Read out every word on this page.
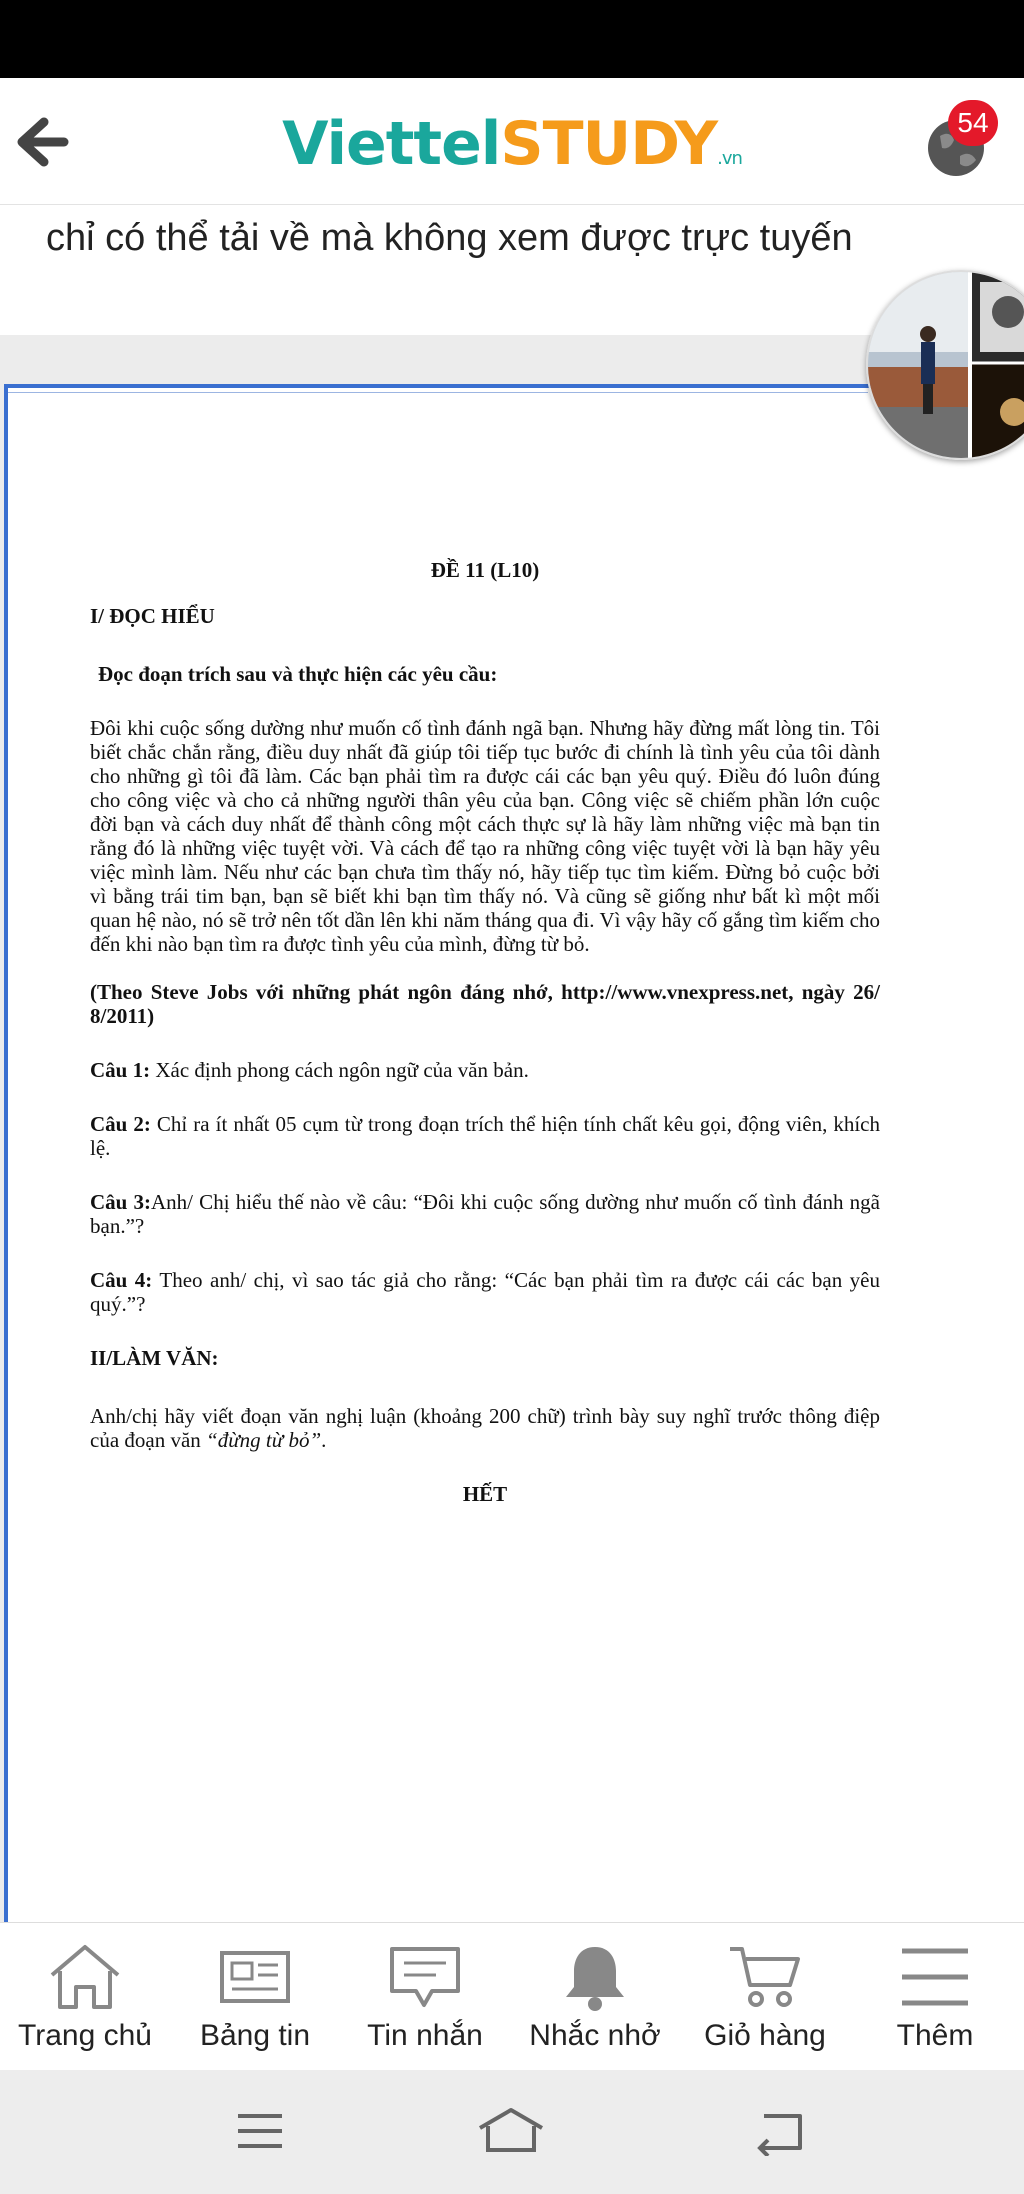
ViettelSTUDY.vn
54
chỉ có thể tải về mà không xem được trực tuyến

ĐỀ 11 (L10)

I/ ĐỌC HIỂU

Đọc đoạn trích sau và thực hiện các yêu cầu:

Đôi khi cuộc sống dường như muốn cố tình đánh ngã bạn. Nhưng hãy đừng mất lòng tin. Tôi biết chắc chắn rằng, điều duy nhất đã giúp tôi tiếp tục bước đi chính là tình yêu của tôi dành cho những gì tôi đã làm. Các bạn phải tìm ra được cái các bạn yêu quý. Điều đó luôn đúng cho công việc và cho cả những người thân yêu của bạn. Công việc sẽ chiếm phần lớn cuộc đời bạn và cách duy nhất để thành công một cách thực sự là hãy làm những việc mà bạn tin rằng đó là những việc tuyệt vời. Và cách để tạo ra những công việc tuyệt vời là bạn hãy yêu việc mình làm. Nếu như các bạn chưa tìm thấy nó, hãy tiếp tục tìm kiếm. Đừng bỏ cuộc bởi vì bằng trái tim bạn, bạn sẽ biết khi bạn tìm thấy nó. Và cũng sẽ giống như bất kì một mối quan hệ nào, nó sẽ trở nên tốt dần lên khi năm tháng qua đi. Vì vậy hãy cố gắng tìm kiếm cho đến khi nào bạn tìm ra được tình yêu của mình, đừng từ bỏ.

(Theo Steve Jobs với những phát ngôn đáng nhớ, http://www.vnexpress.net, ngày 26/ 8/2011)

Câu 1: Xác định phong cách ngôn ngữ của văn bản.

Câu 2: Chỉ ra ít nhất 05 cụm từ trong đoạn trích thể hiện tính chất kêu gọi, động viên, khích lệ.

Câu 3:Anh/ Chị hiểu thế nào về câu: “Đôi khi cuộc sống dường như muốn cố tình đánh ngã bạn.”?

Câu 4: Theo anh/ chị, vì sao tác giả cho rằng: “Các bạn phải tìm ra được cái các bạn yêu quý.”?

II/LÀM VĂN:

Anh/chị hãy viết đoạn văn nghị luận (khoảng 200 chữ) trình bày suy nghĩ trước thông điệp của đoạn văn “đừng từ bỏ”.

HẾT

Trang chủ	Bảng tin	Tin nhắn	Nhắc nhở	Giỏ hàng	Thêm
